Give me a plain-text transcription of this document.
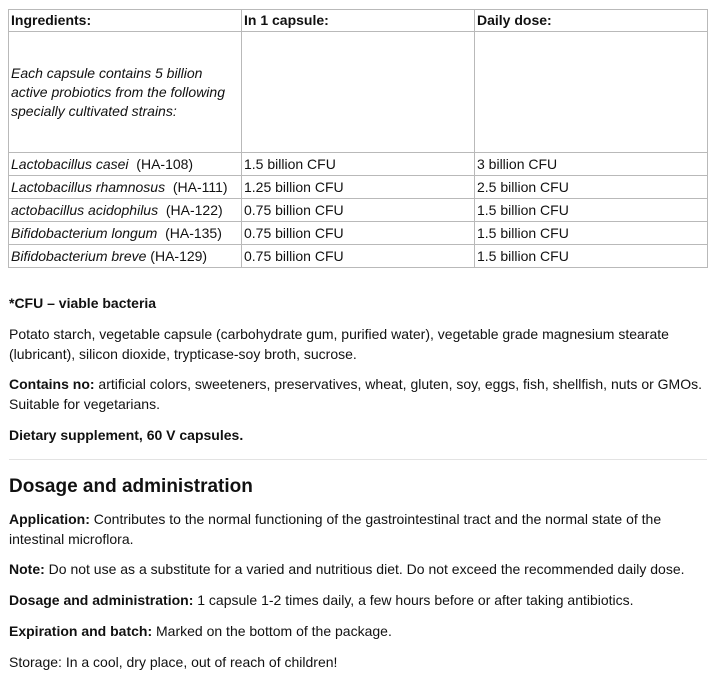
Ingredients:	In 1 capsule:	Daily dose:
Each capsule contains 5 billion active probiotics from the following specially cultivated strains:		
Lactobacillus casei (HA-108)	1.5 billion CFU	3 billion CFU
Lactobacillus rhamnosus (HA-111)	1.25 billion CFU	2.5 billion CFU
actobacillus acidophilus (HA-122)	0.75 billion CFU	1.5 billion CFU
Bifidobacterium longum (HA-135)	0.75 billion CFU	1.5 billion CFU
Bifidobacterium breve (HA-129)	0.75 billion CFU	1.5 billion CFU
*CFU – viable bacteria
Potato starch, vegetable capsule (carbohydrate gum, purified water), vegetable grade magnesium stearate (lubricant), silicon dioxide, trypticase-soy broth, sucrose.
Contains no: artificial colors, sweeteners, preservatives, wheat, gluten, soy, eggs, fish, shellfish, nuts or GMOs. Suitable for vegetarians.
Dietary supplement, 60 V capsules.
Dosage and administration
Application: Contributes to the normal functioning of the gastrointestinal tract and the normal state of the intestinal microflora.
Note: Do not use as a substitute for a varied and nutritious diet. Do not exceed the recommended daily dose.
Dosage and administration: 1 capsule 1-2 times daily, a few hours before or after taking antibiotics.
Expiration and batch: Marked on the bottom of the package.
Storage: In a cool, dry place, out of reach of children!
